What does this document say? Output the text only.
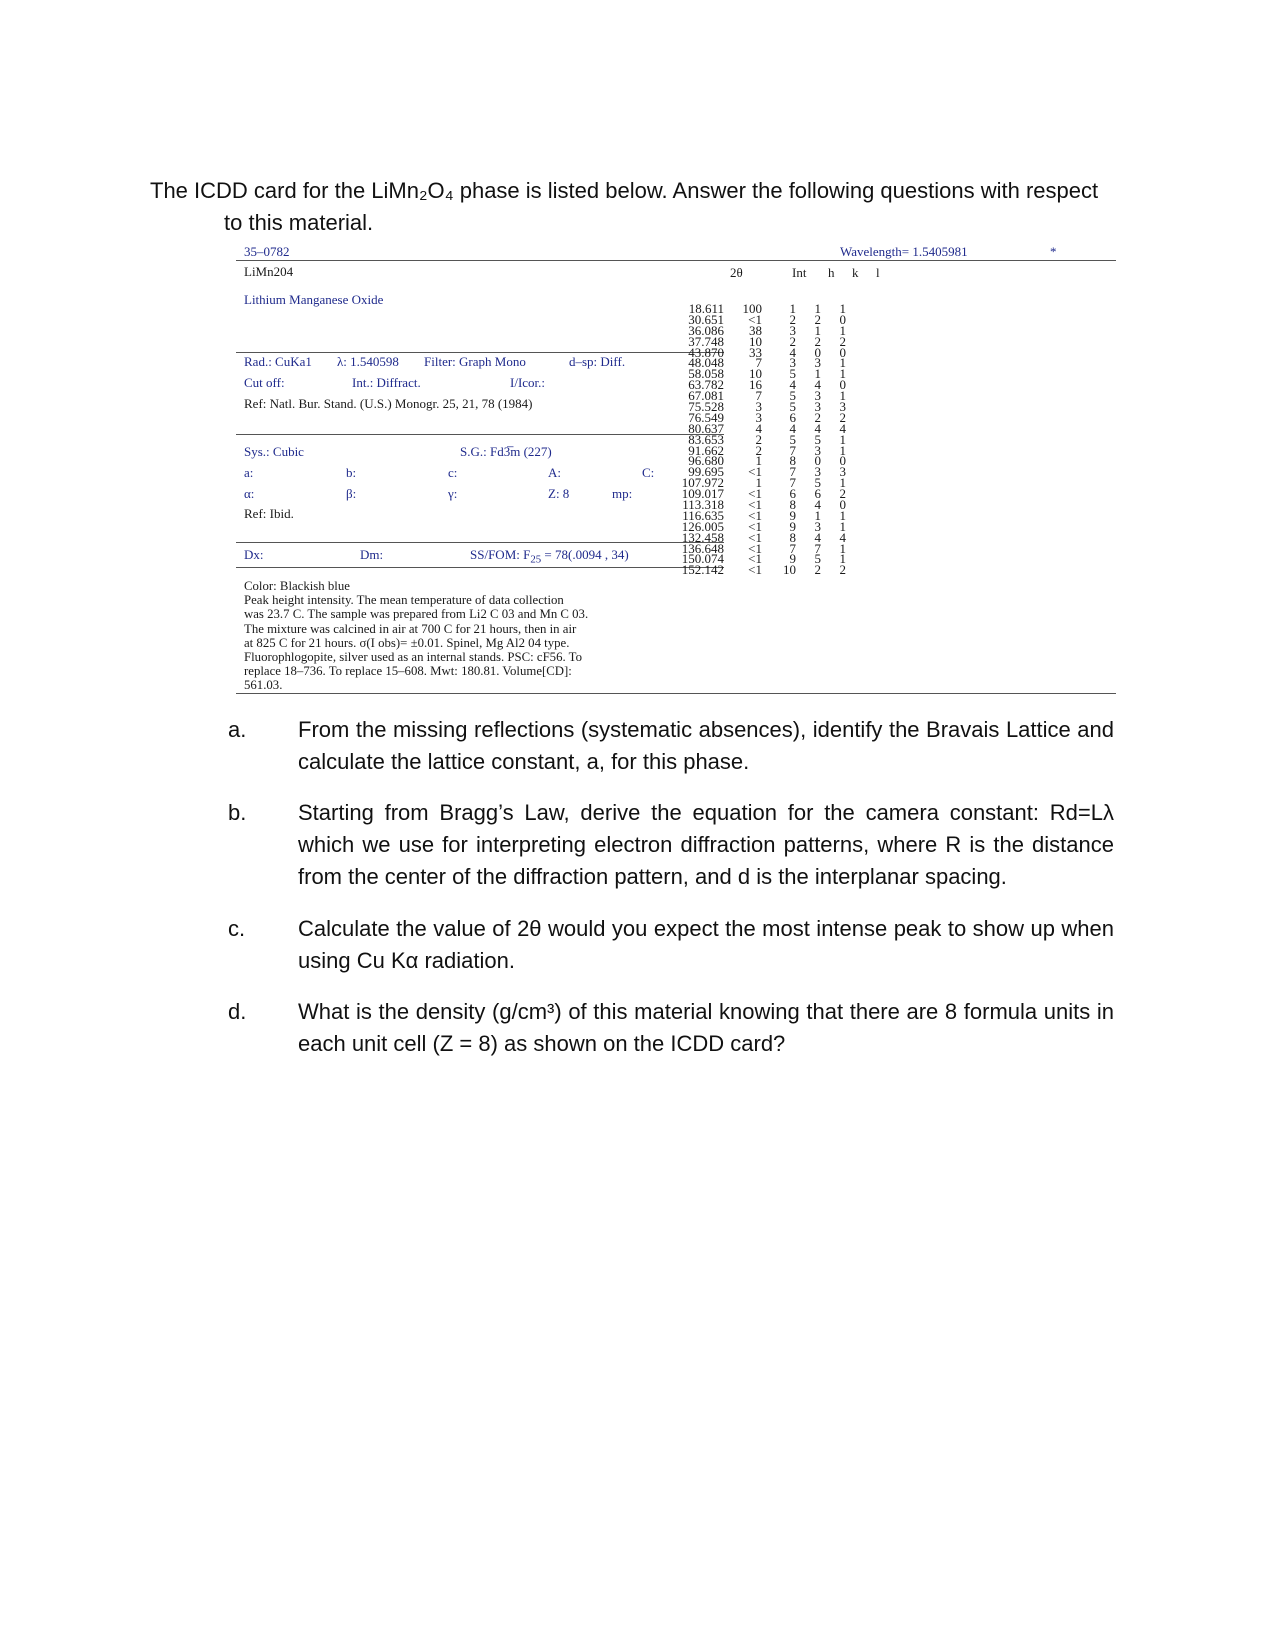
The ICDD card for the LiMn₂O₄ phase is listed below. Answer the following questions with respect
to this material.
35–0782	Wavelength= 1.5405981	*
LiMn204
Lithium Manganese Oxide
2θ	Int h k l
Rad.: CuKa1 λ: 1.540598 Filter: Graph Mono	d–sp: Diff.
Cut off:	Int.: Diffract.	I/Icor.:
Ref: Natl. Bur. Stand. (U.S.) Monogr. 25, 21, 78 (1984)
Sys.: Cubic	S.G.: Fd3̅m (227)
a:	b:	c:	A:	C:
α:	β:	γ:	Z: 8	mp:
Ref: Ibid.
Dx:	Dm:	SS/FOM: $F_{25} = 78(.0094$ , 34)
Color: Blackish blue
Peak height intensity. The mean temperature of data collection
was 23.7 C. The sample was prepared from Li2 C 03 and Mn C 03.
The mixture was calcined in air at 700 C for 21 hours, then in air
at 825 C for 21 hours. σ(I obs)= ±0.01. Spinel, Mg Al2 04 type.
Fluorophlogopite, silver used as an internal stands. PSC: cF56. To
replace 18–736. To replace 15–608. Mwt: 180.81. Volume[CD]:
561.03.
18.611	100	1	1	1
30.651	<1	2	2	0
36.086	38	3	1	1
37.748	10	2	2	2
43.870	33	4	0	0
48.048	7	3	3	1
58.058	10	5	1	1
63.782	16	4	4	0
67.081	7	5	3	1
75.528	3	5	3	3
76.549	3	6	2	2
80.637	4	4	4	4
83.653	2	5	5	1
91.662	2	7	3	1
96.680	1	8	0	0
99.695	<1	7	3	3
107.972	1	7	5	1
109.017	<1	6	6	2
113.318	<1	8	4	0
116.635	<1	9	1	1
126.005	<1	9	3	1
132.458	<1	8	4	4
136.648	<1	7	7	1
150.074	<1	9	5	1
152.142	<1	10	2	2
a. From the missing reflections (systematic absences), identify the Bravais Lattice and calculate the lattice constant, a, for this phase.
b. Starting from Bragg’s Law, derive the equation for the camera constant: Rd=Lλ which we use for interpreting electron diffraction patterns, where R is the distance from the center of the diffraction pattern, and d is the interplanar spacing.
c. Calculate the value of 2θ would you expect the most intense peak to show up when using Cu Kα radiation.
d. What is the density (g/cm³) of this material knowing that there are 8 formula units in each unit cell (Z = 8) as shown on the ICDD card?
